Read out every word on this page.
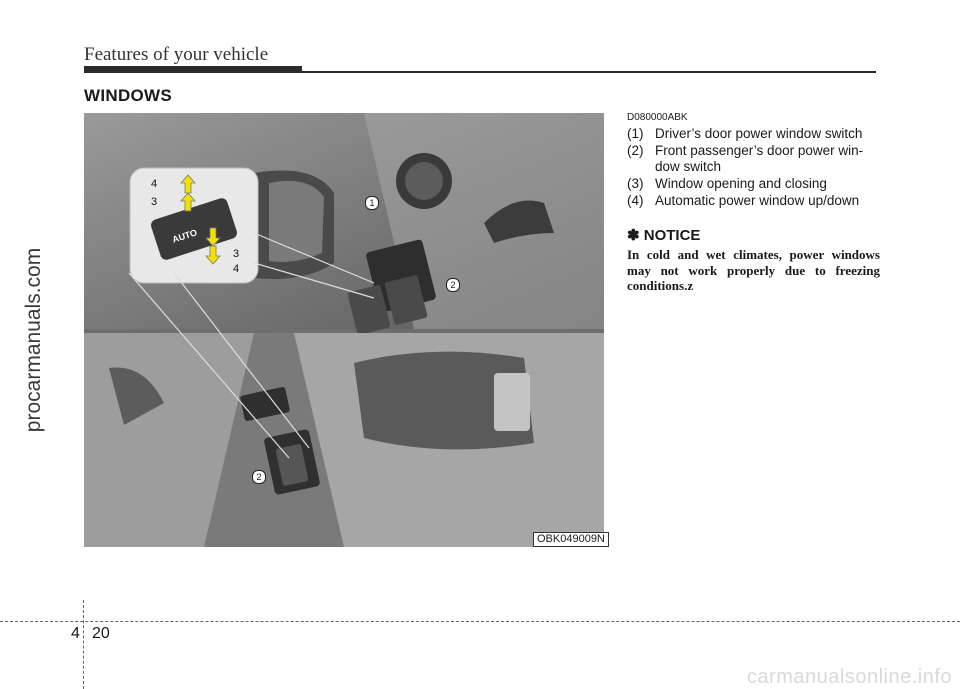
Features of your vehicle
WINDOWS
4
3
3
4
AUTO
1
2
2
OBK049009N
D080000ABK
(1) Driver’s door power window switch
(2) Front passenger’s door power win-dow switch
(3) Window opening and closing
(4) Automatic power window up/down
✽ NOTICE
In cold and wet climates, power windows may not work properly due to freezing conditions.z
procarmanuals.com
4 20
carmanualsonline.info
